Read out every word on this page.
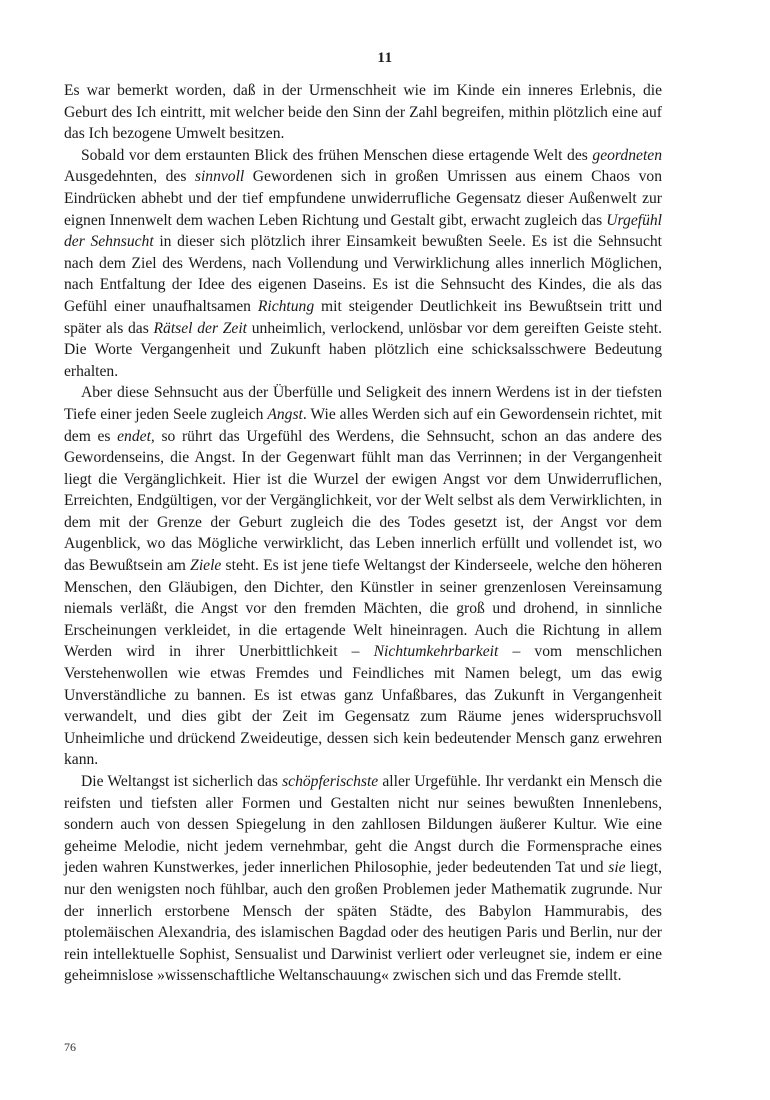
11

Es war bemerkt worden, daß in der Urmenschheit wie im Kinde ein inneres Erlebnis, die Geburt des Ich eintritt, mit welcher beide den Sinn der Zahl begreifen, mithin plötzlich eine auf das Ich bezogene Umwelt besitzen.

Sobald vor dem erstaunten Blick des frühen Menschen diese ertagende Welt des geordneten Ausgedehnten, des sinnvoll Gewordenen sich in großen Umrissen aus einem Chaos von Eindrücken abhebt und der tief empfundene unwiderrufliche Gegensatz dieser Außenwelt zur eignen Innenwelt dem wachen Leben Richtung und Gestalt gibt, erwacht zugleich das Urgefühl der Sehnsucht in dieser sich plötzlich ihrer Einsamkeit bewußten Seele. Es ist die Sehnsucht nach dem Ziel des Werdens, nach Vollendung und Verwirklichung alles innerlich Möglichen, nach Entfaltung der Idee des eigenen Daseins. Es ist die Sehnsucht des Kindes, die als das Gefühl einer unaufhaltsamen Richtung mit steigender Deutlichkeit ins Bewußtsein tritt und später als das Rätsel der Zeit unheimlich, verlockend, unlösbar vor dem gereiften Geiste steht. Die Worte Vergangenheit und Zukunft haben plötzlich eine schicksalsschwere Bedeutung erhalten.

Aber diese Sehnsucht aus der Überfülle und Seligkeit des innern Werdens ist in der tiefsten Tiefe einer jeden Seele zugleich Angst. Wie alles Werden sich auf ein Gewordensein richtet, mit dem es endet, so rührt das Urgefühl des Werdens, die Sehnsucht, schon an das andere des Gewordenseins, die Angst. In der Gegenwart fühlt man das Verrinnen; in der Vergangenheit liegt die Vergänglichkeit. Hier ist die Wurzel der ewigen Angst vor dem Unwiderruflichen, Erreichten, Endgültigen, vor der Vergänglichkeit, vor der Welt selbst als dem Verwirklichten, in dem mit der Grenze der Geburt zugleich die des Todes gesetzt ist, der Angst vor dem Augenblick, wo das Mögliche verwirklicht, das Leben innerlich erfüllt und vollendet ist, wo das Bewußtsein am Ziele steht. Es ist jene tiefe Weltangst der Kinderseele, welche den höheren Menschen, den Gläubigen, den Dichter, den Künstler in seiner grenzenlosen Vereinsamung niemals verläßt, die Angst vor den fremden Mächten, die groß und drohend, in sinnliche Erscheinungen verkleidet, in die ertagende Welt hineinragen. Auch die Richtung in allem Werden wird in ihrer Unerbittlichkeit – Nichtumkehrbarkeit – vom menschlichen Verstehenwollen wie etwas Fremdes und Feindliches mit Namen belegt, um das ewig Unverständliche zu bannen. Es ist etwas ganz Unfaßbares, das Zukunft in Vergangenheit verwandelt, und dies gibt der Zeit im Gegensatz zum Räume jenes widerspruchsvoll Unheimliche und drückend Zweideutige, dessen sich kein bedeutender Mensch ganz erwehren kann.

Die Weltangst ist sicherlich das schöpferischste aller Urgefühle. Ihr verdankt ein Mensch die reifsten und tiefsten aller Formen und Gestalten nicht nur seines bewußten Innenlebens, sondern auch von dessen Spiegelung in den zahllosen Bildungen äußerer Kultur. Wie eine geheime Melodie, nicht jedem vernehmbar, geht die Angst durch die Formensprache eines jeden wahren Kunstwerkes, jeder innerlichen Philosophie, jeder bedeutenden Tat und sie liegt, nur den wenigsten noch fühlbar, auch den großen Problemen jeder Mathematik zugrunde. Nur der innerlich erstorbene Mensch der späten Städte, des Babylon Hammurabis, des ptolemäischen Alexandria, des islamischen Bagdad oder des heutigen Paris und Berlin, nur der rein intellektuelle Sophist, Sensualist und Darwinist verliert oder verleugnet sie, indem er eine geheimnislose »wissenschaftliche Weltanschauung« zwischen sich und das Fremde stellt.

76
